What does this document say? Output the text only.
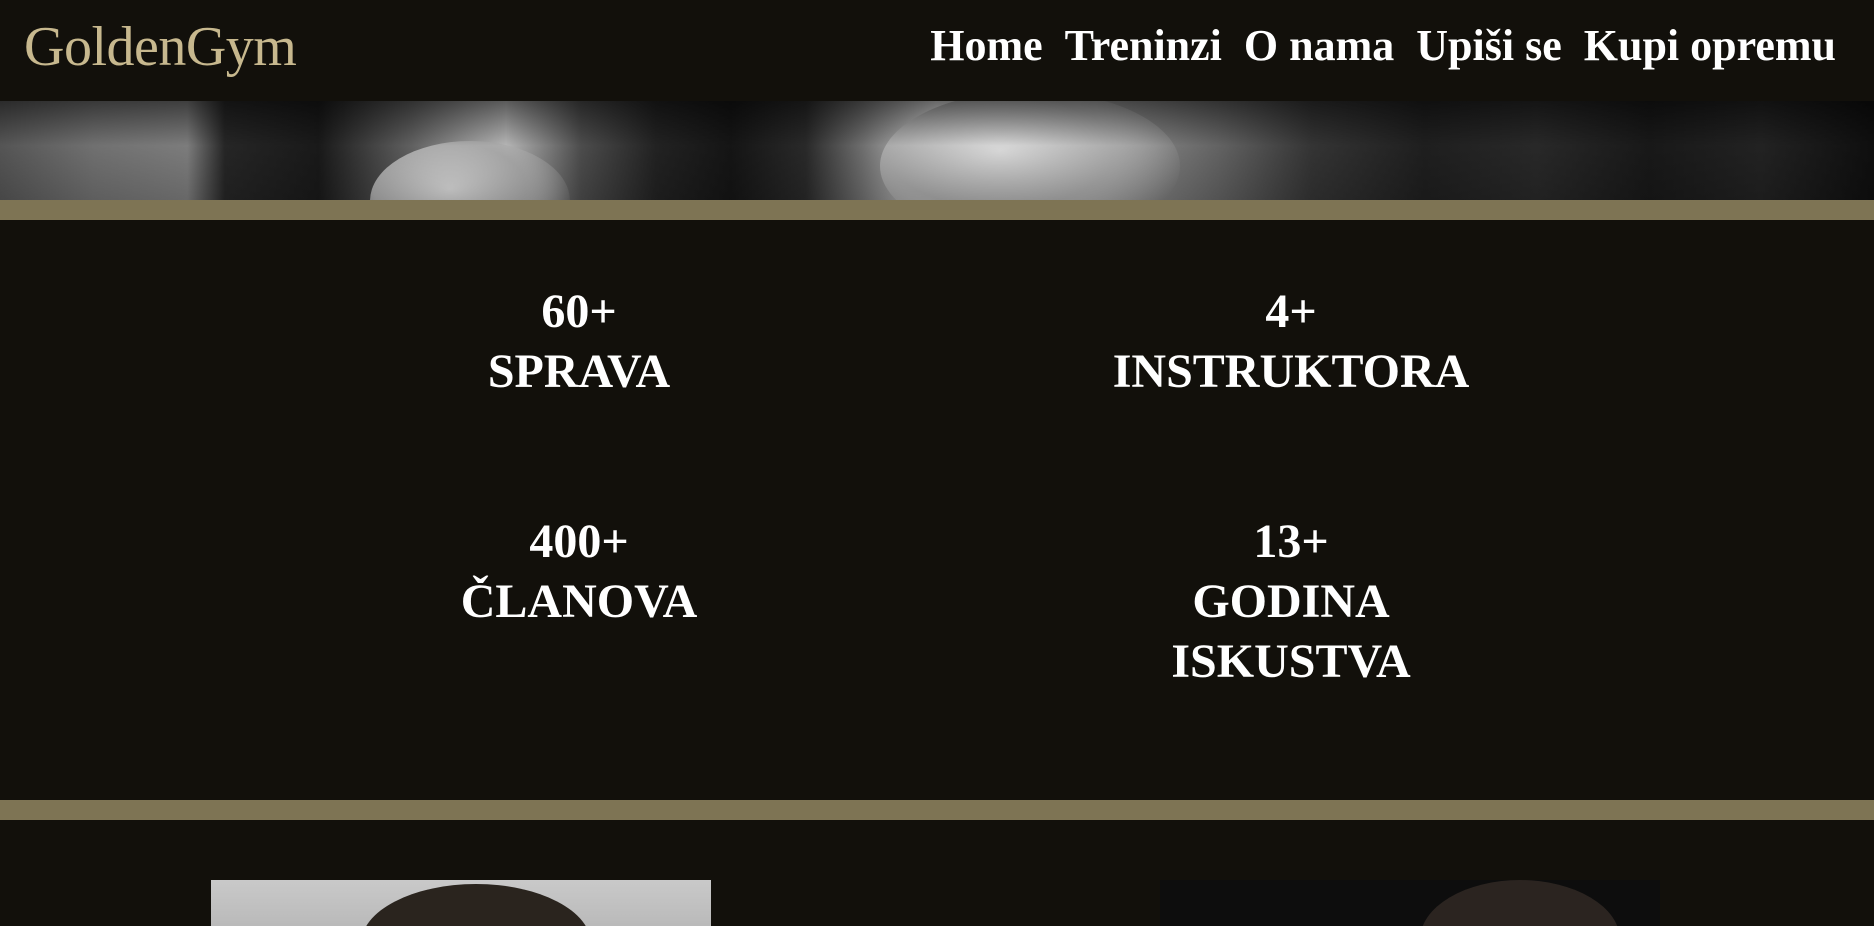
GoldenGym	Home Treninzi O nama Upiši se Kupi opremu
60+
SPRAVA
4+
INSTRUKTORA
400+
ČLANOVA
13+
GODINA ISKUSTVA
